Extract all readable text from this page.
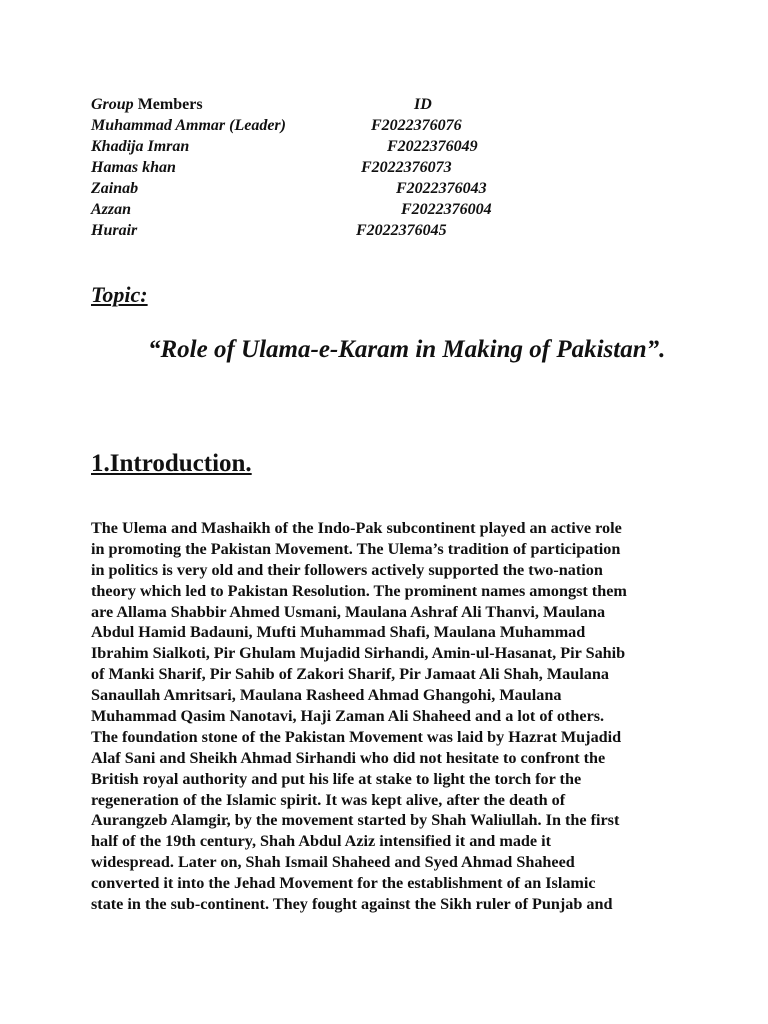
Group Members	ID
Muhammad Ammar (Leader)	F2022376076
Khadija Imran	F2022376049
Hamas khan	F2022376073
Zainab	F2022376043
Azzan	F2022376004
Hurair	F2022376045
Topic:
“Role of Ulama-e-Karam in Making of Pakistan”.
1.Introduction.
The Ulema and Mashaikh of the Indo-Pak subcontinent played an active role
in promoting the Pakistan Movement. The Ulema’s tradition of participation
in politics is very old and their followers actively supported the two-nation
theory which led to Pakistan Resolution. The prominent names amongst them
are Allama Shabbir Ahmed Usmani, Maulana Ashraf Ali Thanvi, Maulana
Abdul Hamid Badauni, Mufti Muhammad Shafi, Maulana Muhammad
Ibrahim Sialkoti, Pir Ghulam Mujadid Sirhandi, Amin-ul-Hasanat, Pir Sahib
of Manki Sharif, Pir Sahib of Zakori Sharif, Pir Jamaat Ali Shah, Maulana
Sanaullah Amritsari, Maulana Rasheed Ahmad Ghangohi, Maulana
Muhammad Qasim Nanotavi, Haji Zaman Ali Shaheed and a lot of others.
The foundation stone of the Pakistan Movement was laid by Hazrat Mujadid
Alaf Sani and Sheikh Ahmad Sirhandi who did not hesitate to confront the
British royal authority and put his life at stake to light the torch for the
regeneration of the Islamic spirit. It was kept alive, after the death of
Aurangzeb Alamgir, by the movement started by Shah Waliullah. In the first
half of the 19th century, Shah Abdul Aziz intensified it and made it
widespread. Later on, Shah Ismail Shaheed and Syed Ahmad Shaheed
converted it into the Jehad Movement for the establishment of an Islamic
state in the sub-continent. They fought against the Sikh ruler of Punjab and
